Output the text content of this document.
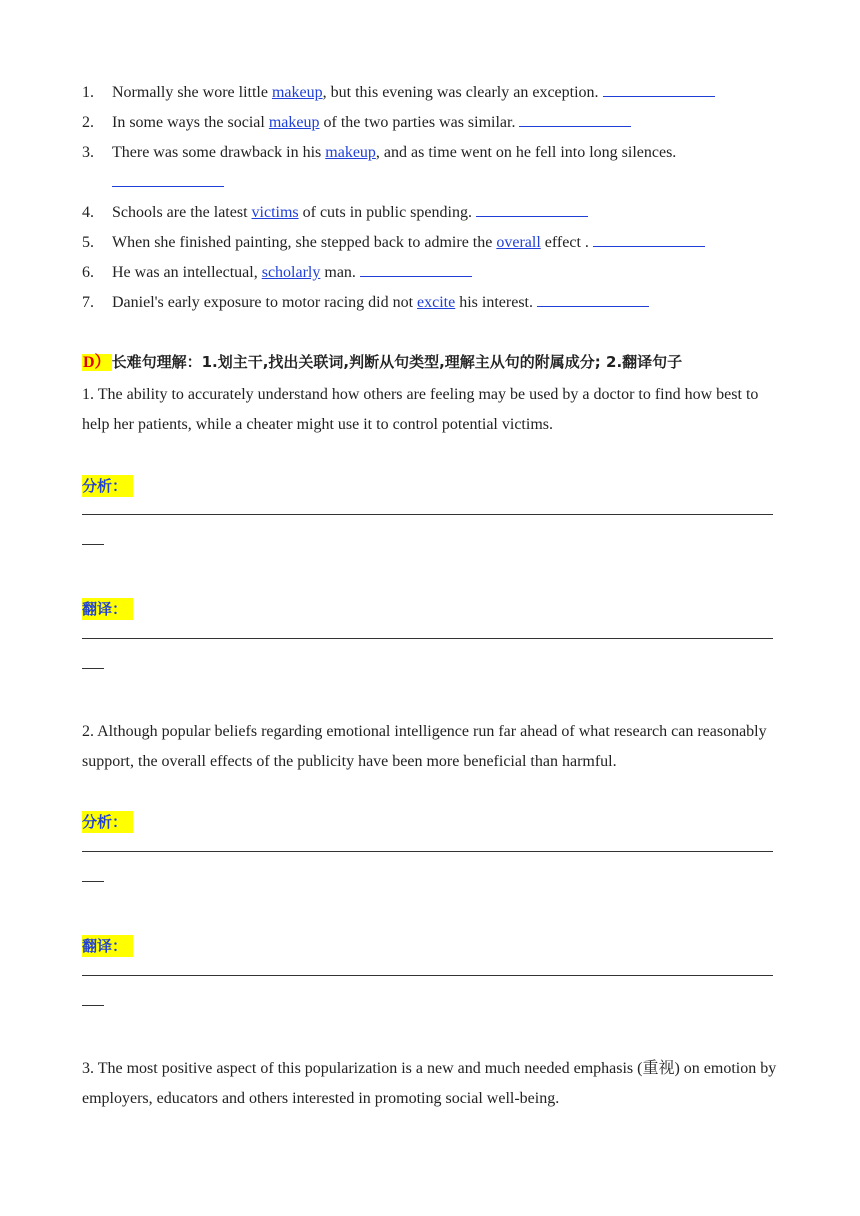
1.	Normally she wore little makeup, but this evening was clearly an exception.
2.	In some ways the social makeup of the two parties was similar.
3.	There was some drawback in his makeup, and as time went on he fell into long silences.
4.	Schools are the latest victims of cuts in public spending.
5.	When she finished painting, she stepped back to admire the overall effect .
6.	He was an intellectual, scholarly man.
7.	Daniel's early exposure to motor racing did not excite his interest.
D）长难句理解：1.划主干,找出关联词,判断从句类型,理解主从句的附属成分; 2.翻译句子
1. The ability to accurately understand how others are feeling may be used by a doctor to find how best to help her patients, while a cheater might use it to control potential victims.
分析：
翻译：
2. Although popular beliefs regarding emotional intelligence run far ahead of what research can reasonably support, the overall effects of the publicity have been more beneficial than harmful.
分析：
翻译：
3. The most positive aspect of this popularization is a new and much needed emphasis (重视) on emotion by employers, educators and others interested in promoting social well-being.
